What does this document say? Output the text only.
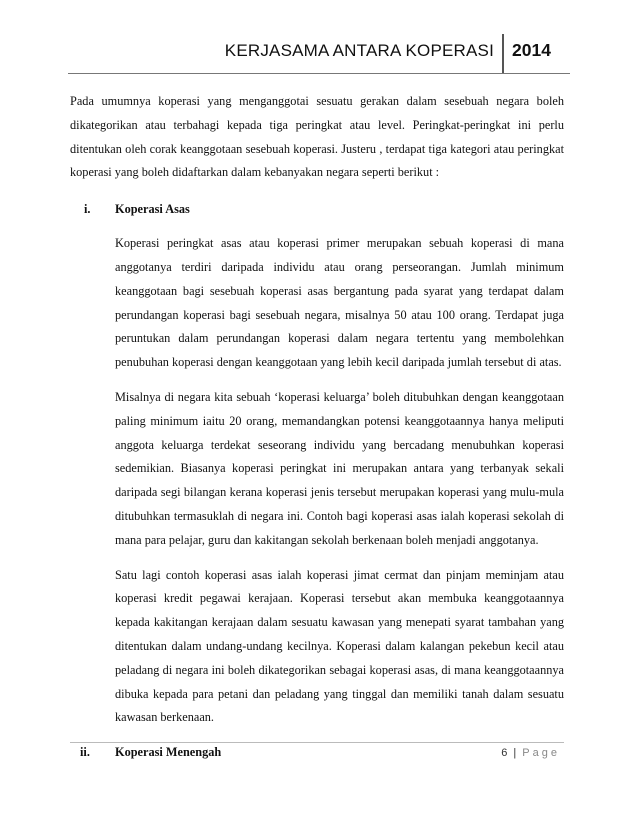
KERJASAMA ANTARA KOPERASI 2014

Pada umumnya koperasi yang menganggotai sesuatu gerakan dalam sesebuah negara boleh dikategorikan atau terbahagi kepada tiga peringkat atau level. Peringkat-peringkat ini perlu ditentukan oleh corak keanggotaan sesebuah koperasi. Justeru , terdapat tiga kategori atau peringkat koperasi yang boleh didaftarkan dalam kebanyakan negara seperti berikut :

i. Koperasi Asas

Koperasi peringkat asas atau koperasi primer merupakan sebuah koperasi di mana anggotanya terdiri daripada individu atau orang perseorangan. Jumlah minimum keanggotaan bagi sesebuah koperasi asas bergantung pada syarat yang terdapat dalam perundangan koperasi bagi sesebuah negara, misalnya 50 atau 100 orang. Terdapat juga peruntukan dalam perundangan koperasi dalam negara tertentu yang membolehkan penubuhan koperasi dengan keanggotaan yang lebih kecil daripada jumlah tersebut di atas.

Misalnya di negara kita sebuah ‘koperasi keluarga’ boleh ditubuhkan dengan keanggotaan paling minimum iaitu 20 orang, memandangkan potensi keanggotaannya hanya meliputi anggota keluarga terdekat seseorang individu yang bercadang menubuhkan koperasi sedemikian. Biasanya koperasi peringkat ini merupakan antara yang terbanyak sekali daripada segi bilangan kerana koperasi jenis tersebut merupakan koperasi yang mulu-mula ditubuhkan termasuklah di negara ini. Contoh bagi koperasi asas ialah koperasi sekolah di mana para pelajar, guru dan kakitangan sekolah berkenaan boleh menjadi anggotanya.

Satu lagi contoh koperasi asas ialah koperasi jimat cermat dan pinjam meminjam atau koperasi kredit pegawai kerajaan. Koperasi tersebut akan membuka keanggotaannya kepada kakitangan kerajaan dalam sesuatu kawasan yang menepati syarat tambahan yang ditentukan dalam undang-undang kecilnya. Koperasi dalam kalangan pekebun kecil atau peladang di negara ini boleh dikategorikan sebagai koperasi asas, di mana keanggotaannya dibuka kepada para petani dan peladang yang tinggal dan memiliki tanah dalam sesuatu kawasan berkenaan.

ii. Koperasi Menengah	6 | Page
